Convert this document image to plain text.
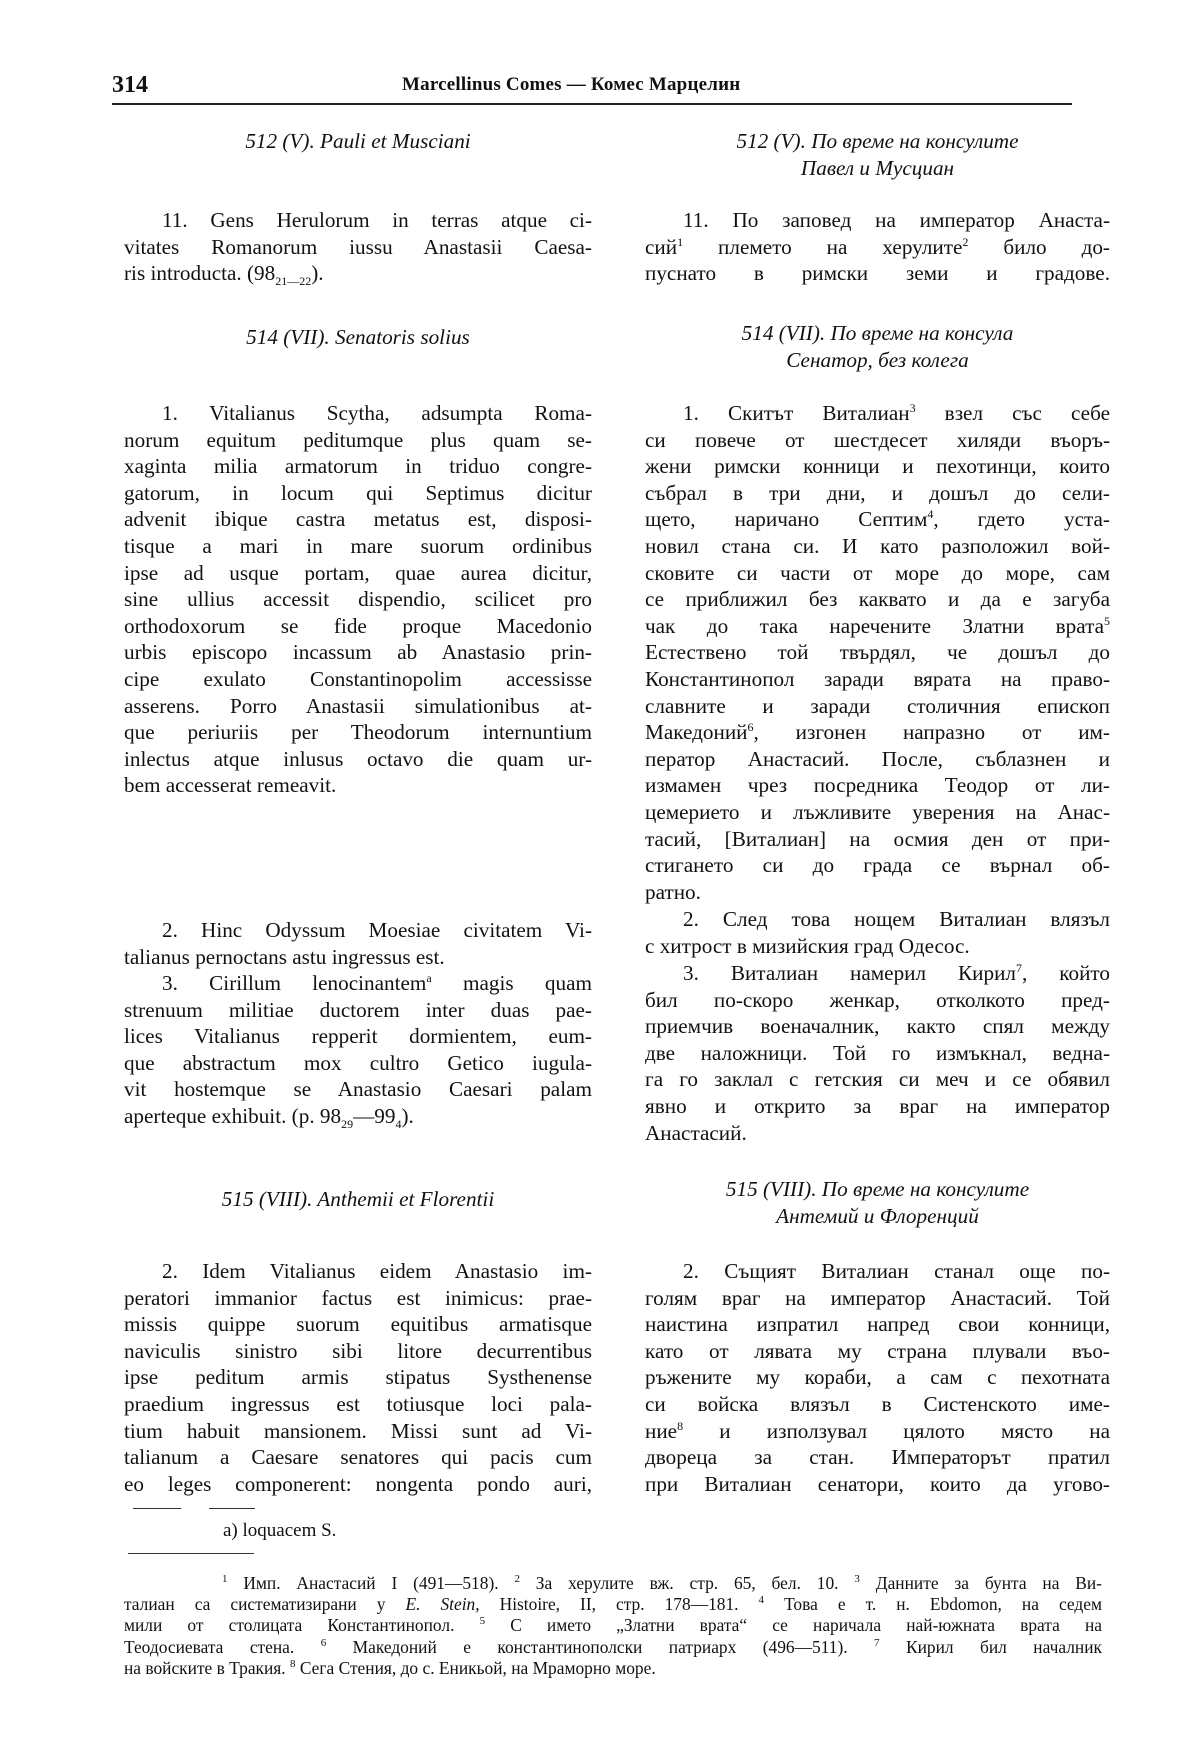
314	Marcellinus Comes — Комес Марцелин
512 (V). Pauli et Musciani
11. Gens Herulorum in terras atque ci-
vitates Romanorum iussu Anastasii Caesa-
ris introducta. $(98_{21—22})$.
514 (VII). Senatoris solius
1. Vitalianus Scytha, adsumpta Roma-
norum equitum peditumque plus quam se-
xaginta milia armatorum in triduo congre-
gatorum, in locum qui Septimus dicitur
advenit ibique castra metatus est, disposi-
tisque a mari in mare suorum ordinibus
ipse ad usque portam, quae aurea dicitur,
sine ullius accessit dispendio, scilicet pro
orthodoxorum se fide proque Macedonio
urbis episcopo incassum ab Anastasio prin-
cipe exulato Constantinopolim accessisse
asserens. Porro Anastasii simulationibus at-
que periuriis per Theodorum internuntium
inlectus atque inlusus octavo die quam ur-
bem accesserat remeavit.
2. Hinc Odyssum Moesiae civitatem Vi-
talianus pernoctans astu ingressus est.
3. Cirillum lenocinantem$^a$ magis quam
strenuum militiae ductorem inter duas pae-
lices Vitalianus repperit dormientem, eum-
que abstractum mox cultro Getico iugula-
vit hostemque se Anastasio Caesari palam
aperteque exhibuit. (p. $98_{29}—99_4$).
515 (VIII). Anthemii et Florentii
2. Idem Vitalianus eidem Anastasio im-
peratori immanior factus est inimicus: prae-
missis quippe suorum equitibus armatisque
naviculis sinistro sibi litore decurrentibus
ipse peditum armis stipatus Systhenense
praedium ingressus est totiusque loci pala-
tium habuit mansionem. Missi sunt ad Vi-
talianum a Caesare senatores qui pacis cum
eo leges componerent: nongenta pondo auri,
a) loquacem S.
512 (V). По време на консулите
Павел и Мусциан
11. По заповед на император Анаста-
сий$^1$ племето на херулите$^2$ било до-
пуснато в римски земи и градове.
514 (VII). По време на консула
Сенатор, без колега
1. Скитът Виталиан$^3$ взел със себе
си повече от шестдесет хиляди въоръ-
жени римски конници и пехотинци, които
събрал в три дни, и дошъл до сели-
щето, наричано Септим$^4$, гдето уста-
новил стана си. И като разположил вой-
сковите си части от море до море, сам
се приближил без каквато и да е загуба
чак до така наречените Златни врата$^5$
Естествено той твърдял, че дошъл до
Константинопол заради вярата на право-
славните и заради столичния епископ
Македоний$^6$, изгонен напразно от им-
ператор Анастасий. После, съблазнен и
измамен чрез посредника Теодор от ли-
цемерието и лъжливите уверения на Анас-
тасий, [Виталиан] на осмия ден от при-
стигането си до града се върнал об-
ратно.
2. След това нощем Виталиан влязъл
с хитрост в мизийския град Одесос.
3. Виталиан намерил Кирил$^7$, който
бил по-скоро женкар, отколкото пред-
приемчив военачалник, както спял между
две наложници. Той го измъкнал, ведна-
га го заклал с гетския си меч и се обявил
явно и открито за враг на император
Анастасий.
515 (VIII). По време на консулите
Антемий и Флоренций
2. Същият Виталиан станал още по-
голям враг на император Анастасий. Той
наистина изпратил напред свои конници,
като от лявата му страна плували въо-
ръжените му кораби, а сам с пехотната
си войска влязъл в Систенското име-
ние$^8$ и използувал цялото място на
двореца за стан. Императорът пратил
при Виталиан сенатори, които да угово-
$^1$ Имп. Анастасий I (491—518). $^2$ За херулите вж. стр. 65, бел. 10. $^3$ Данните за бунта на Ви-
талиан са систематизирани у E. Stein, Histoire, II, стр. 178—181. $^4$ Това е т. н. Ebdomon, на седем
мили от столицата Константинопол. $^5$ С името „Златни врата“ се наричала най-южната врата на
Теодосиевата стена. $^6$ Македоний е константинополски патриарх (496—511). $^7$ Кирил бил началник
на войските в Тракия. $^8$ Сега Стения, до с. Еникьой, на Мраморно море.
